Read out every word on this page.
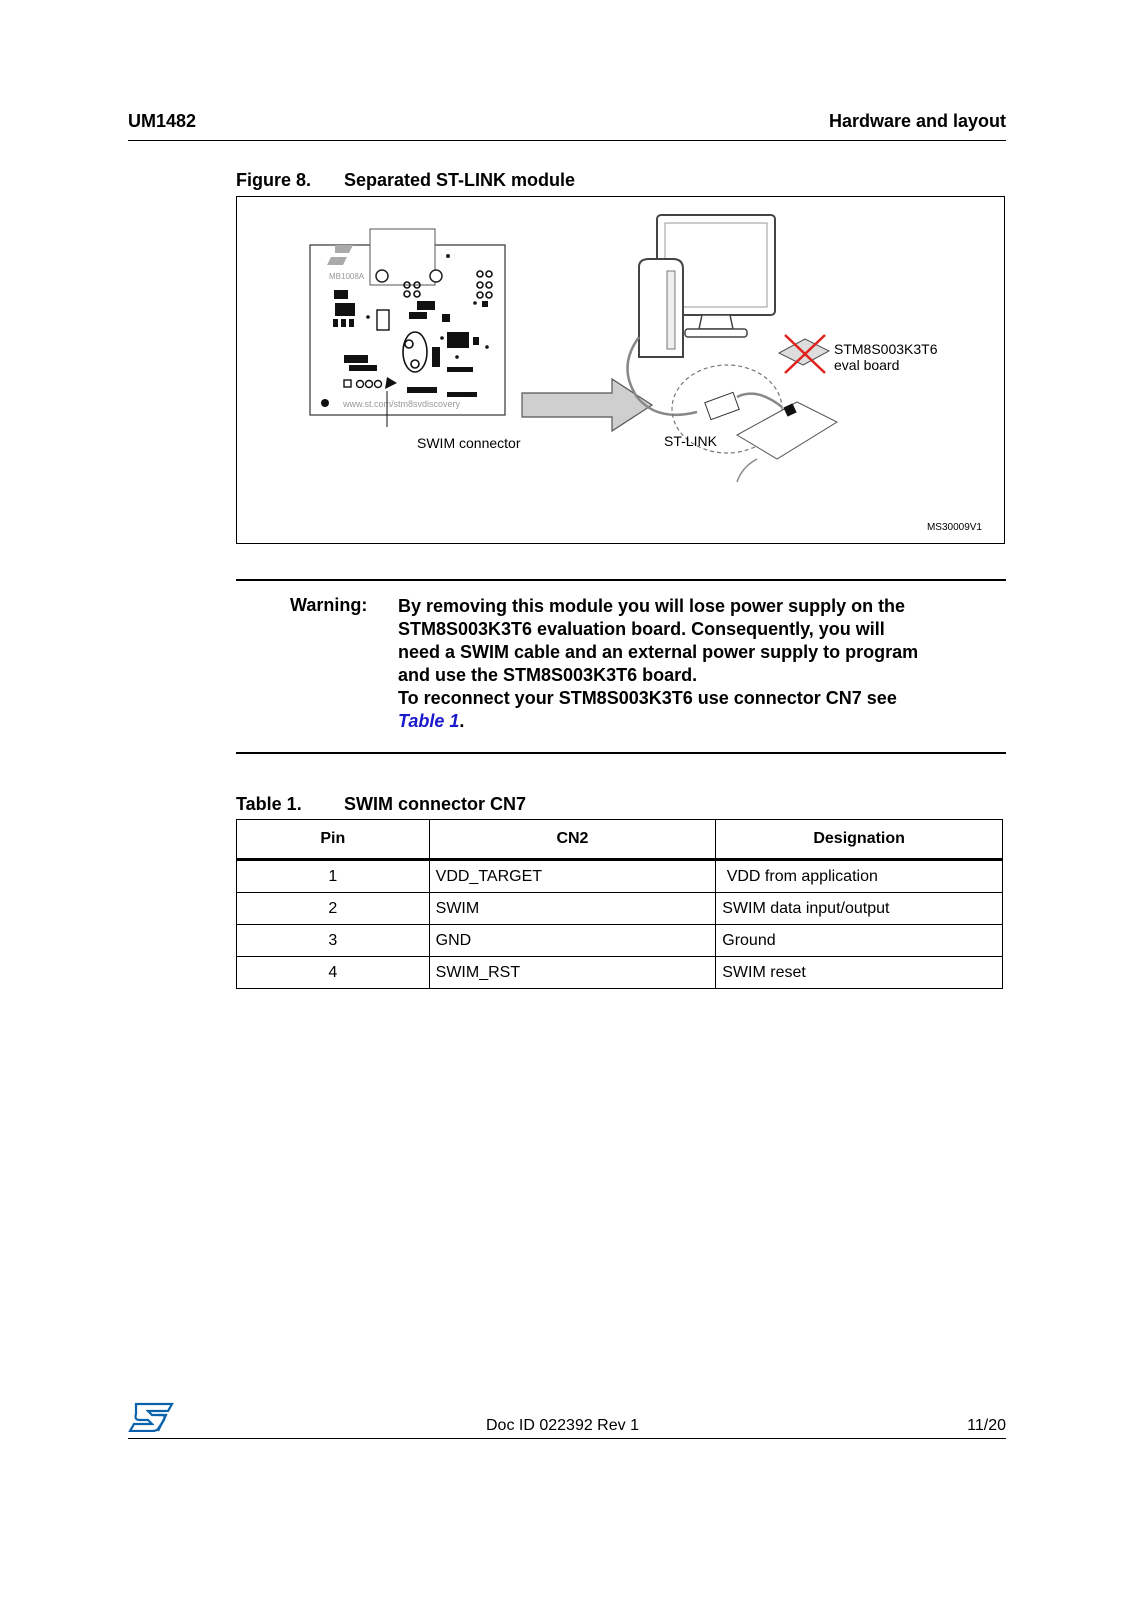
UM1482	Hardware and layout
Figure 8. Separated ST-LINK module
MB1008A
www.st.com/stm8svdiscovery
STM8S003K3T6
eval board
SWIM connector	ST-LINK
MS30009V1
Warning: By removing this module you will lose power supply on the
STM8S003K3T6 evaluation board. Consequently, you will
need a SWIM cable and an external power supply to program
and use the STM8S003K3T6 board.
To reconnect your STM8S003K3T6 use connector CN7 see
Table 1.
Table 1. SWIM connector CN7
Pin	CN2	Designation
1	VDD_TARGET	VDD from application
2	SWIM	SWIM data input/output
3	GND	Ground
4	SWIM_RST	SWIM reset
Doc ID 022392 Rev 1	11/20
